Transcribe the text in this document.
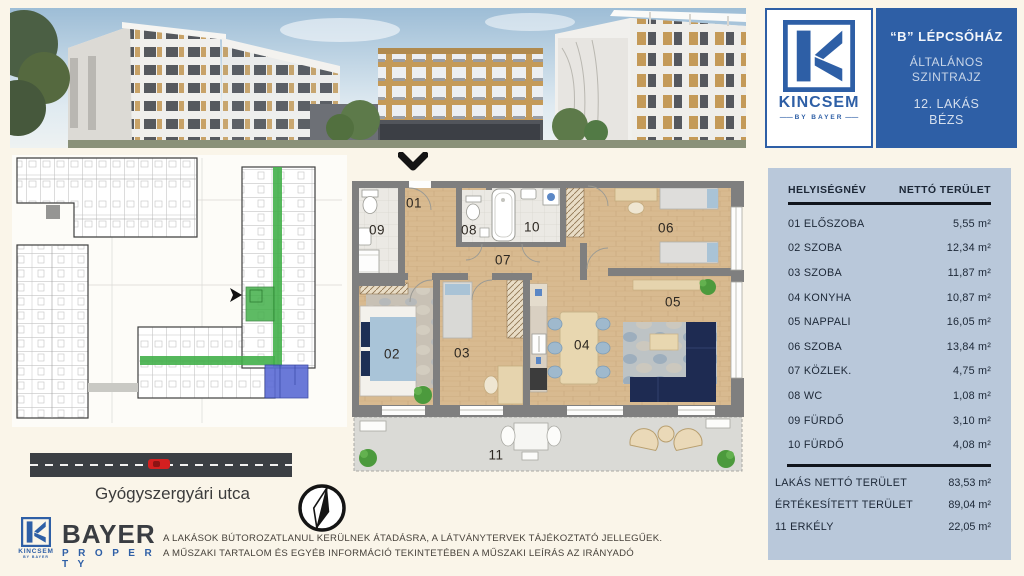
KINCSEM
—— BY BAYER ——
“B” LÉPCSŐHÁZ
ÁLTALÁNOS
SZINTRAJZ
12. LAKÁS
BÉZS
01
09	08	10	06
07
02	03
04
05
11
HELYISÉGNÉV	NETTÓ TERÜLET
01 ELŐSZOBA	5,55 m²
02 SZOBA	12,34 m²
03 SZOBA	11,87 m²
04 KONYHA	10,87 m²
05 NAPPALI	16,05 m²
06 SZOBA	13,84 m²
07 KÖZLEK.	4,75 m²
08 WC	1,08 m²
09 FÜRDŐ	3,10 m²
10 FÜRDŐ	4,08 m²
LAKÁS NETTÓ TERÜLET	83,53 m²
ÉRTÉKESÍTETT TERÜLET	89,04 m²
11 ERKÉLY	22,05 m²
Gyógyszergyári utca
KINCSEM
BY BAYER
BAYER
P R O P E R T Y
A LAKÁSOK BÚTOROZATLANUL KERÜLNEK ÁTADÁSRA, A LÁTVÁNYTERVEK TÁJÉKOZTATÓ JELLEGŰEK.
A MŰSZAKI TARTALOM ÉS EGYÉB INFORMÁCIÓ TEKINTETÉBEN A MŰSZAKI LEÍRÁS AZ IRÁNYADÓ
